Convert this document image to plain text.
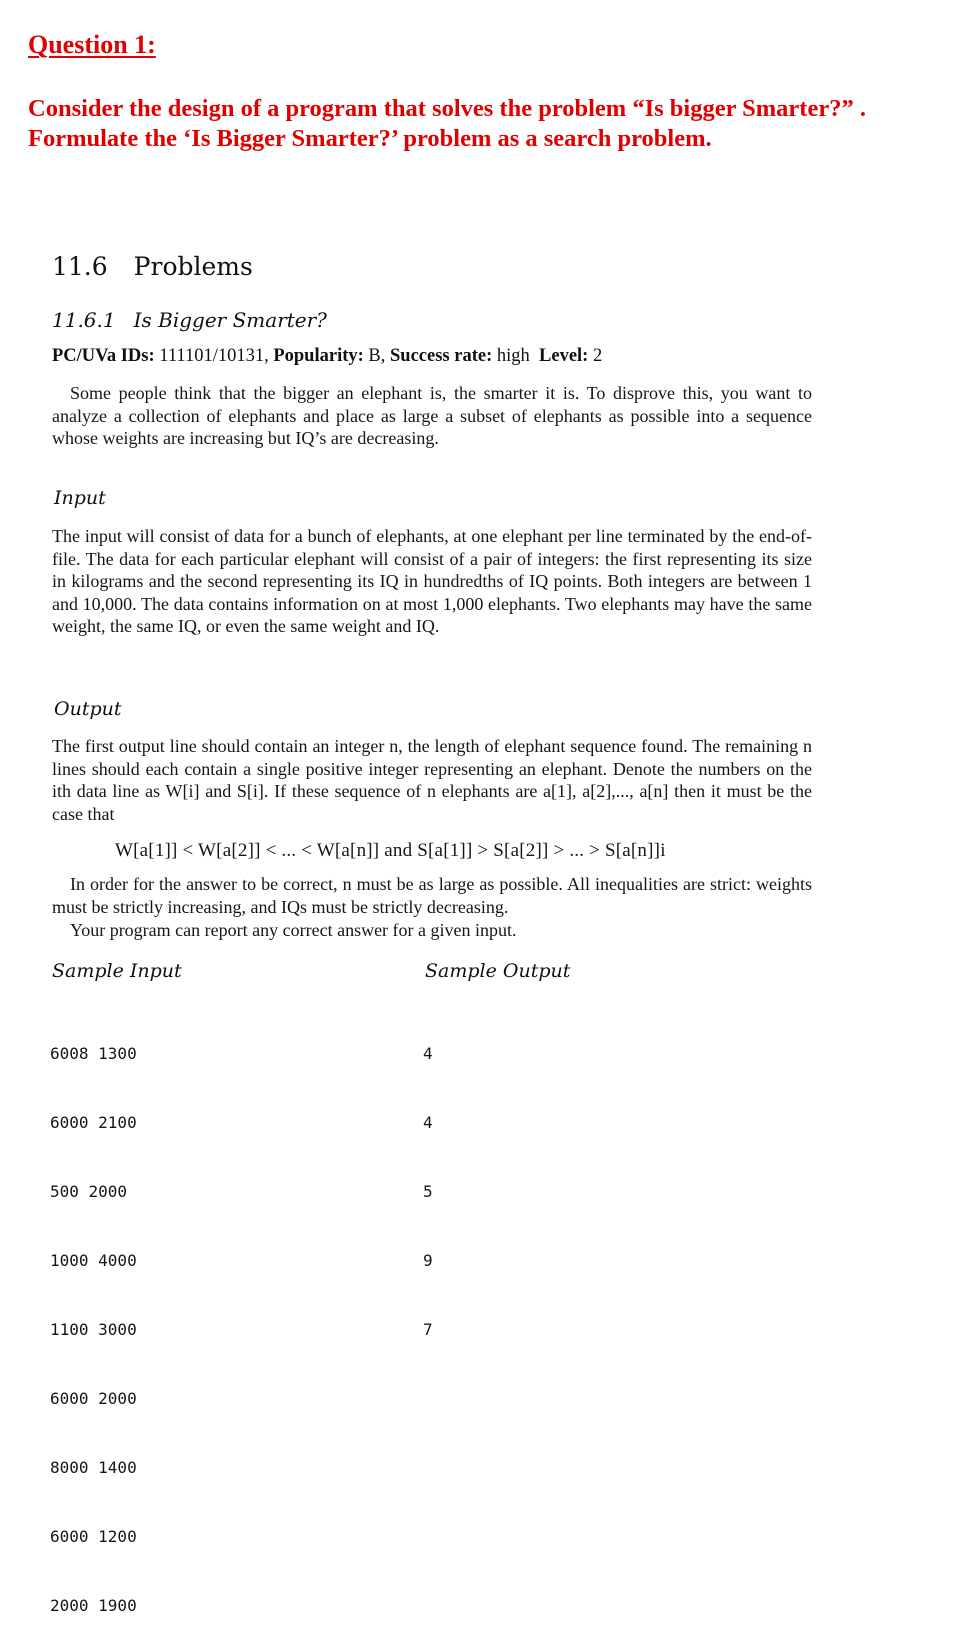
Question 1:

Consider the design of a program that solves the problem “Is bigger Smarter?” . Formulate the ‘Is Bigger Smarter?’ problem as a search problem.

11.6 Problems
11.6.1 Is Bigger Smarter?

PC/UVa IDs: 111101/10131, Popularity: B, Success rate: high Level: 2

Some people think that the bigger an elephant is, the smarter it is. To disprove this, you want to analyze a collection of elephants and place as large a subset of elephants as possible into a sequence whose weights are increasing but IQ’s are decreasing.

Input

The input will consist of data for a bunch of elephants, at one elephant per line terminated by the end-of-file. The data for each particular elephant will consist of a pair of integers: the first representing its size in kilograms and the second representing its IQ in hundredths of IQ points. Both integers are between 1 and 10,000. The data contains information on at most 1,000 elephants. Two elephants may have the same weight, the same IQ, or even the same weight and IQ.

Output

The first output line should contain an integer n, the length of elephant sequence found. The remaining n lines should each contain a single positive integer representing an elephant. Denote the numbers on the ith data line as W[i] and S[i]. If these sequence of n elephants are a[1], a[2],..., a[n] then it must be the case that

W[a[1]] < W[a[2]] < ... < W[a[n]] and S[a[1]] > S[a[2]] > ... > S[a[n]]i

In order for the answer to be correct, n must be as large as possible. All inequalities are strict: weights must be strictly increasing, and IQs must be strictly decreasing.

Your program can report any correct answer for a given input.

Sample Input	Sample Output

6008 1300

6000 2100

500 2000

1000 4000

1100 3000

6000 2000

8000 1400

6000 1200

2000 1900

4

4

5

9

7
